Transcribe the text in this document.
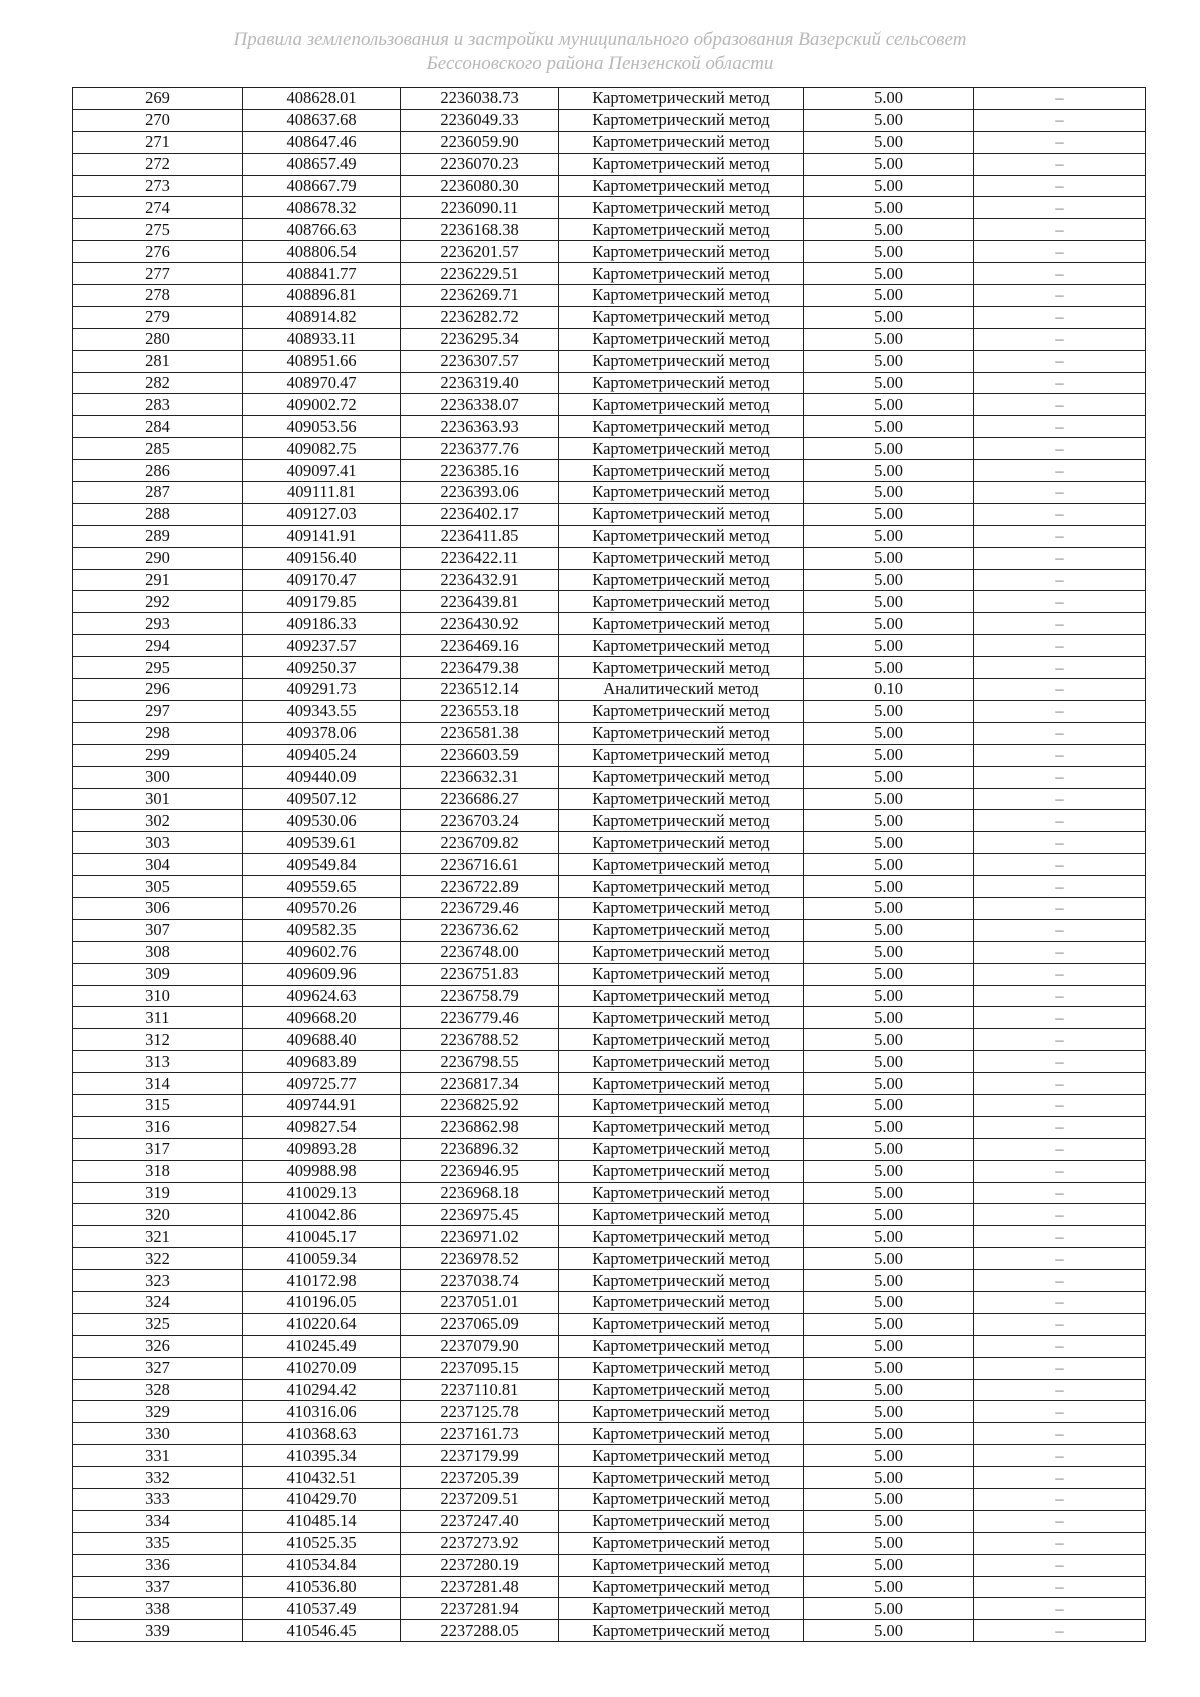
Правила землепользования и застройки муниципального образования Вазерский сельсовет
Бессоновского района Пензенской области
269	408628.01	2236038.73	Картометрический метод	5.00	–
270	408637.68	2236049.33	Картометрический метод	5.00	–
271	408647.46	2236059.90	Картометрический метод	5.00	–
272	408657.49	2236070.23	Картометрический метод	5.00	–
273	408667.79	2236080.30	Картометрический метод	5.00	–
274	408678.32	2236090.11	Картометрический метод	5.00	–
275	408766.63	2236168.38	Картометрический метод	5.00	–
276	408806.54	2236201.57	Картометрический метод	5.00	–
277	408841.77	2236229.51	Картометрический метод	5.00	–
278	408896.81	2236269.71	Картометрический метод	5.00	–
279	408914.82	2236282.72	Картометрический метод	5.00	–
280	408933.11	2236295.34	Картометрический метод	5.00	–
281	408951.66	2236307.57	Картометрический метод	5.00	–
282	408970.47	2236319.40	Картометрический метод	5.00	–
283	409002.72	2236338.07	Картометрический метод	5.00	–
284	409053.56	2236363.93	Картометрический метод	5.00	–
285	409082.75	2236377.76	Картометрический метод	5.00	–
286	409097.41	2236385.16	Картометрический метод	5.00	–
287	409111.81	2236393.06	Картометрический метод	5.00	–
288	409127.03	2236402.17	Картометрический метод	5.00	–
289	409141.91	2236411.85	Картометрический метод	5.00	–
290	409156.40	2236422.11	Картометрический метод	5.00	–
291	409170.47	2236432.91	Картометрический метод	5.00	–
292	409179.85	2236439.81	Картометрический метод	5.00	–
293	409186.33	2236430.92	Картометрический метод	5.00	–
294	409237.57	2236469.16	Картометрический метод	5.00	–
295	409250.37	2236479.38	Картометрический метод	5.00	–
296	409291.73	2236512.14	Аналитический метод	0.10	–
297	409343.55	2236553.18	Картометрический метод	5.00	–
298	409378.06	2236581.38	Картометрический метод	5.00	–
299	409405.24	2236603.59	Картометрический метод	5.00	–
300	409440.09	2236632.31	Картометрический метод	5.00	–
301	409507.12	2236686.27	Картометрический метод	5.00	–
302	409530.06	2236703.24	Картометрический метод	5.00	–
303	409539.61	2236709.82	Картометрический метод	5.00	–
304	409549.84	2236716.61	Картометрический метод	5.00	–
305	409559.65	2236722.89	Картометрический метод	5.00	–
306	409570.26	2236729.46	Картометрический метод	5.00	–
307	409582.35	2236736.62	Картометрический метод	5.00	–
308	409602.76	2236748.00	Картометрический метод	5.00	–
309	409609.96	2236751.83	Картометрический метод	5.00	–
310	409624.63	2236758.79	Картометрический метод	5.00	–
311	409668.20	2236779.46	Картометрический метод	5.00	–
312	409688.40	2236788.52	Картометрический метод	5.00	–
313	409683.89	2236798.55	Картометрический метод	5.00	–
314	409725.77	2236817.34	Картометрический метод	5.00	–
315	409744.91	2236825.92	Картометрический метод	5.00	–
316	409827.54	2236862.98	Картометрический метод	5.00	–
317	409893.28	2236896.32	Картометрический метод	5.00	–
318	409988.98	2236946.95	Картометрический метод	5.00	–
319	410029.13	2236968.18	Картометрический метод	5.00	–
320	410042.86	2236975.45	Картометрический метод	5.00	–
321	410045.17	2236971.02	Картометрический метод	5.00	–
322	410059.34	2236978.52	Картометрический метод	5.00	–
323	410172.98	2237038.74	Картометрический метод	5.00	–
324	410196.05	2237051.01	Картометрический метод	5.00	–
325	410220.64	2237065.09	Картометрический метод	5.00	–
326	410245.49	2237079.90	Картометрический метод	5.00	–
327	410270.09	2237095.15	Картометрический метод	5.00	–
328	410294.42	2237110.81	Картометрический метод	5.00	–
329	410316.06	2237125.78	Картометрический метод	5.00	–
330	410368.63	2237161.73	Картометрический метод	5.00	–
331	410395.34	2237179.99	Картометрический метод	5.00	–
332	410432.51	2237205.39	Картометрический метод	5.00	–
333	410429.70	2237209.51	Картометрический метод	5.00	–
334	410485.14	2237247.40	Картометрический метод	5.00	–
335	410525.35	2237273.92	Картометрический метод	5.00	–
336	410534.84	2237280.19	Картометрический метод	5.00	–
337	410536.80	2237281.48	Картометрический метод	5.00	–
338	410537.49	2237281.94	Картометрический метод	5.00	–
339	410546.45	2237288.05	Картометрический метод	5.00	–
